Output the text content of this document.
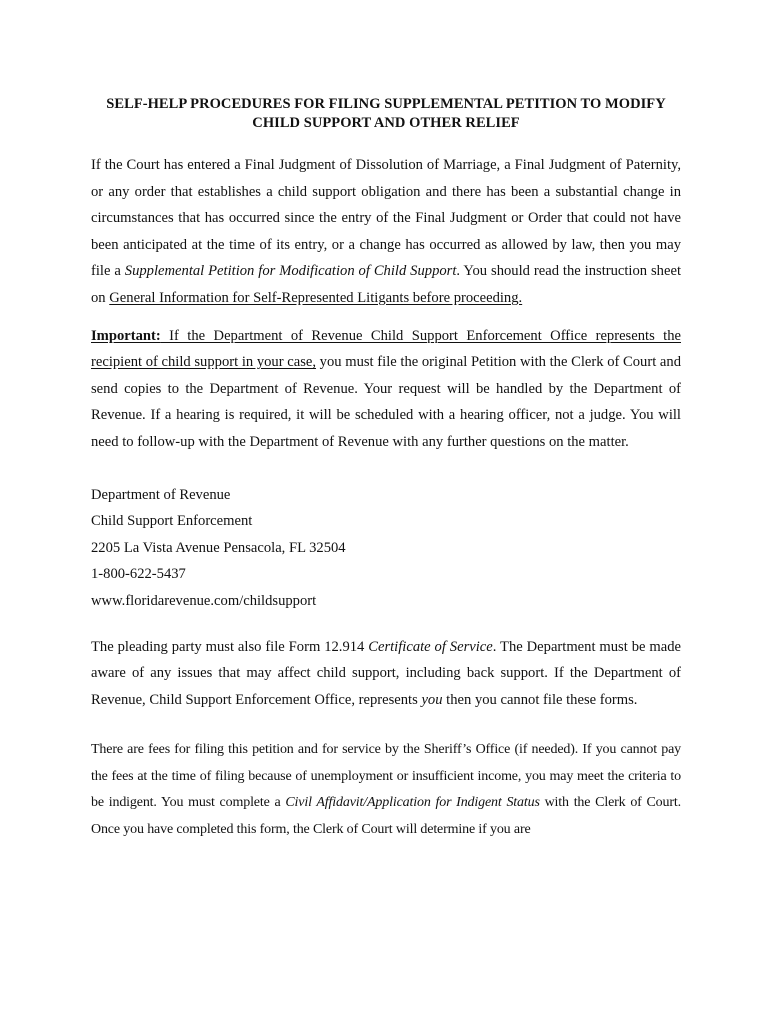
SELF-HELP PROCEDURES FOR FILING SUPPLEMENTAL PETITION TO MODIFY
CHILD SUPPORT AND OTHER RELIEF

If the Court has entered a Final Judgment of Dissolution of Marriage, a Final Judgment of Paternity, or any order that establishes a child support obligation and there has been a substantial change in circumstances that has occurred since the entry of the Final Judgment or Order that could not have been anticipated at the time of its entry, or a change has occurred as allowed by law, then you may file a Supplemental Petition for Modification of Child Support. You should read the instruction sheet on General Information for Self-Represented Litigants before proceeding.

Important: If the Department of Revenue Child Support Enforcement Office represents the recipient of child support in your case, you must file the original Petition with the Clerk of Court and send copies to the Department of Revenue. Your request will be handled by the Department of Revenue. If a hearing is required, it will be scheduled with a hearing officer, not a judge. You will need to follow-up with the Department of Revenue with any further questions on the matter.

Department of Revenue
Child Support Enforcement
2205 La Vista Avenue Pensacola, FL 32504
1-800-622-5437
www.floridarevenue.com/childsupport

The pleading party must also file Form 12.914 Certificate of Service. The Department must be made aware of any issues that may affect child support, including back support. If the Department of Revenue, Child Support Enforcement Office, represents you then you cannot file these forms.

There are fees for filing this petition and for service by the Sheriff’s Office (if needed). If you cannot pay the fees at the time of filing because of unemployment or insufficient income, you may meet the criteria to be indigent. You must complete a Civil Affidavit/Application for Indigent Status with the Clerk of Court. Once you have completed this form, the Clerk of Court will determine if you are
